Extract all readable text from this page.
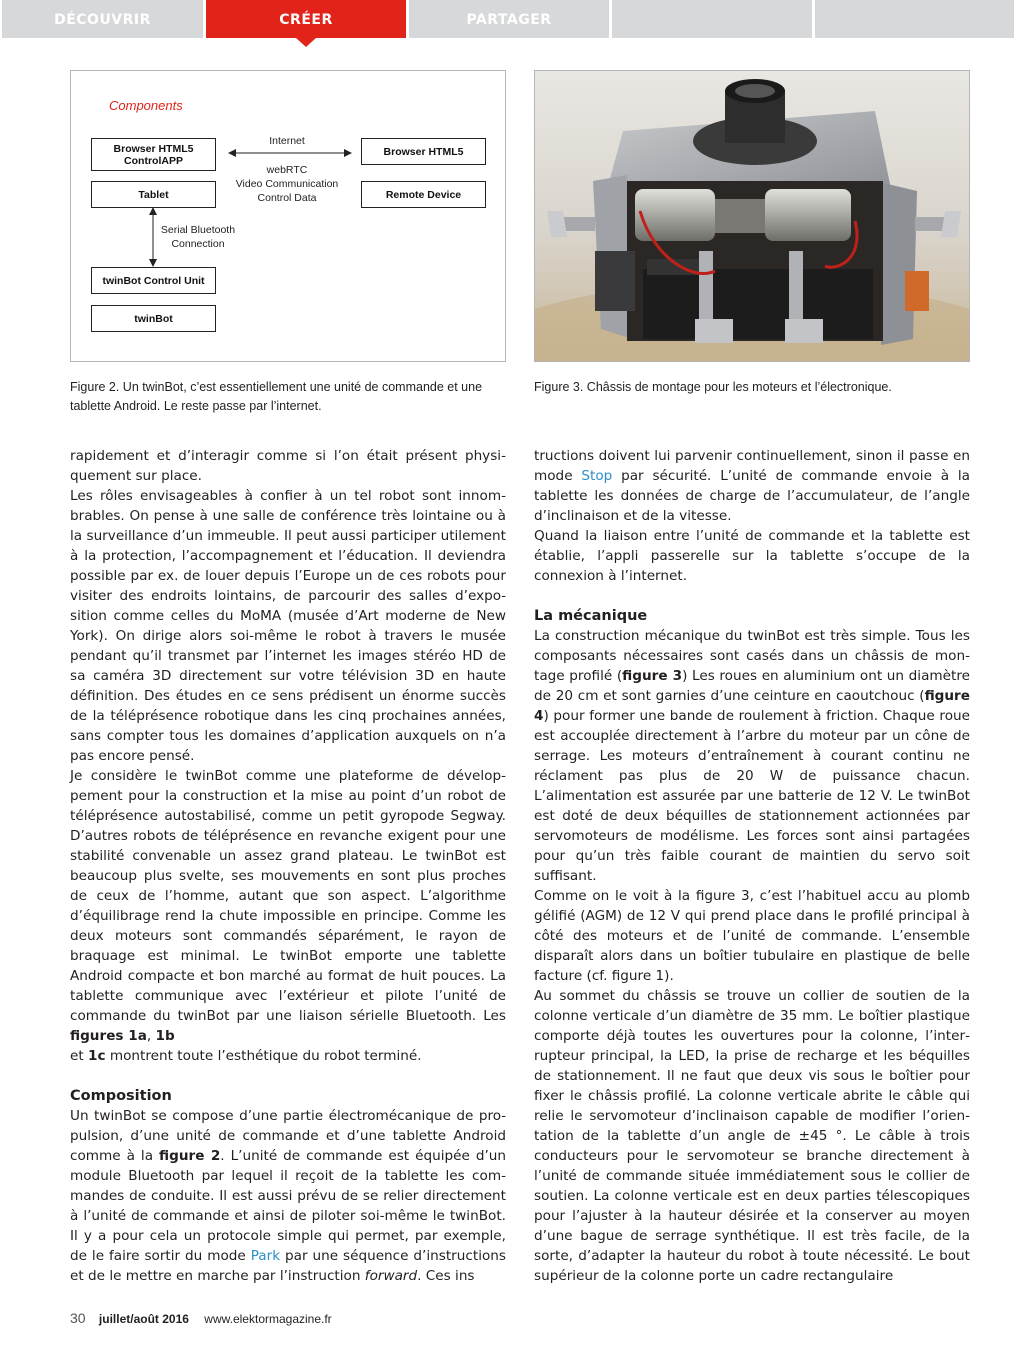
DÉCOUVRIR	CRÉER	PARTAGER
Components
Browser HTML5 ControlAPP
Tablet
Browser HTML5
Remote Device
twinBot Control Unit
twinBot
Internet
webRTC
Video Communication
Control Data
Serial Bluetooth
Connection
Figure 2. Un twinBot, c’est essentiellement une unité de commande et une tablette Android. Le reste passe par l’internet.
Figure 3. Châssis de montage pour les moteurs et l’électronique.

rapidement et d’interagir comme si l’on était présent physiquement sur place.

Les rôles envisageables à confier à un tel robot sont innombrables. On pense à une salle de conférence très lointaine ou à la surveillance d’un immeuble. Il peut aussi participer utilement à la protection, l’accompagnement et l’éducation. Il deviendra possible par ex. de louer depuis l’Europe un de ces robots pour visiter des endroits lointains, de parcourir des salles d’exposition comme celles du MoMA (musée d’Art moderne de New York). On dirige alors soi-même le robot à travers le musée pendant qu’il transmet par l’internet les images stéréo HD de sa caméra 3D directement sur votre télévision 3D en haute définition. Des études en ce sens prédisent un énorme succès de la téléprésence robotique dans les cinq prochaines années, sans compter tous les domaines d’application auxquels on n’a pas encore pensé.

Je considère le twinBot comme une plateforme de développement pour la construction et la mise au point d’un robot de téléprésence autostabilisé, comme un petit gyropode Segway. D’autres robots de téléprésence en revanche exigent pour une stabilité convenable un assez grand plateau. Le twinBot est beaucoup plus svelte, ses mouvements en sont plus proches de ceux de l’homme, autant que son aspect. L’algorithme d’équilibrage rend la chute impossible en principe. Comme les deux moteurs sont commandés séparément, le rayon de braquage est minimal. Le twinBot emporte une tablette Android compacte et bon marché au format de huit pouces. La tablette communique avec l’extérieur et pilote l’unité de commande du twinBot par une liaison sérielle Bluetooth. Les figures 1a, 1b
et 1c montrent toute l’esthétique du robot terminé.

Composition

Un twinBot se compose d’une partie électromécanique de propulsion, d’une unité de commande et d’une tablette Android comme à la figure 2. L’unité de commande est équipée d’un module Bluetooth par lequel il reçoit de la tablette les commandes de conduite. Il est aussi prévu de se relier directement à l’unité de commande et ainsi de piloter soi-même le twinBot. Il y a pour cela un protocole simple qui permet, par exemple, de le faire sortir du mode Park par une séquence d’instructions et de le mettre en marche par l’instruction forward. Ces ins

tructions doivent lui parvenir continuellement, sinon il passe en mode Stop par sécurité. L’unité de commande envoie à la tablette les données de charge de l’accumulateur, de l’angle d’inclinaison et de la vitesse.

Quand la liaison entre l’unité de commande et la tablette est établie, l’appli passerelle sur la tablette s’occupe de la connexion à l’internet.

La mécanique

La construction mécanique du twinBot est très simple. Tous les composants nécessaires sont casés dans un châssis de montage profilé (figure 3) Les roues en aluminium ont un diamètre de 20 cm et sont garnies d’une ceinture en caoutchouc (figure 4) pour former une bande de roulement à friction. Chaque roue est accouplée directement à l’arbre du moteur par un cône de serrage. Les moteurs d’entraînement à courant continu ne réclament pas plus de 20 W de puissance chacun. L’alimentation est assurée par une batterie de 12 V. Le twinBot est doté de deux béquilles de stationnement actionnées par servomoteurs de modélisme. Les forces sont ainsi partagées pour qu’un très faible courant de maintien du servo soit suffisant.

Comme on le voit à la figure 3, c’est l’habituel accu au plomb gélifié (AGM) de 12 V qui prend place dans le profilé principal à côté des moteurs et de l’unité de commande. L’ensemble disparaît alors dans un boîtier tubulaire en plastique de belle facture (cf. figure 1).

Au sommet du châssis se trouve un collier de soutien de la colonne verticale d’un diamètre de 35 mm. Le boîtier plastique comporte déjà toutes les ouvertures pour la colonne, l’interrupteur principal, la LED, la prise de recharge et les béquilles de stationnement. Il ne faut que deux vis sous le boîtier pour fixer le châssis profilé. La colonne verticale abrite le câble qui relie le servomoteur d’inclinaison capable de modifier l’orientation de la tablette d’un angle de ±45 °. Le câble à trois conducteurs pour le servomoteur se branche directement à l’unité de commande située immédiatement sous le collier de soutien. La colonne verticale est en deux parties télescopiques pour l’ajuster à la hauteur désirée et la conserver au moyen d’une bague de serrage synthétique. Il est très facile, de la sorte, d’adapter la hauteur du robot à toute nécessité. Le bout supérieur de la colonne porte un cadre rectangulaire

30 juillet/août 2016 www.elektormagazine.fr
